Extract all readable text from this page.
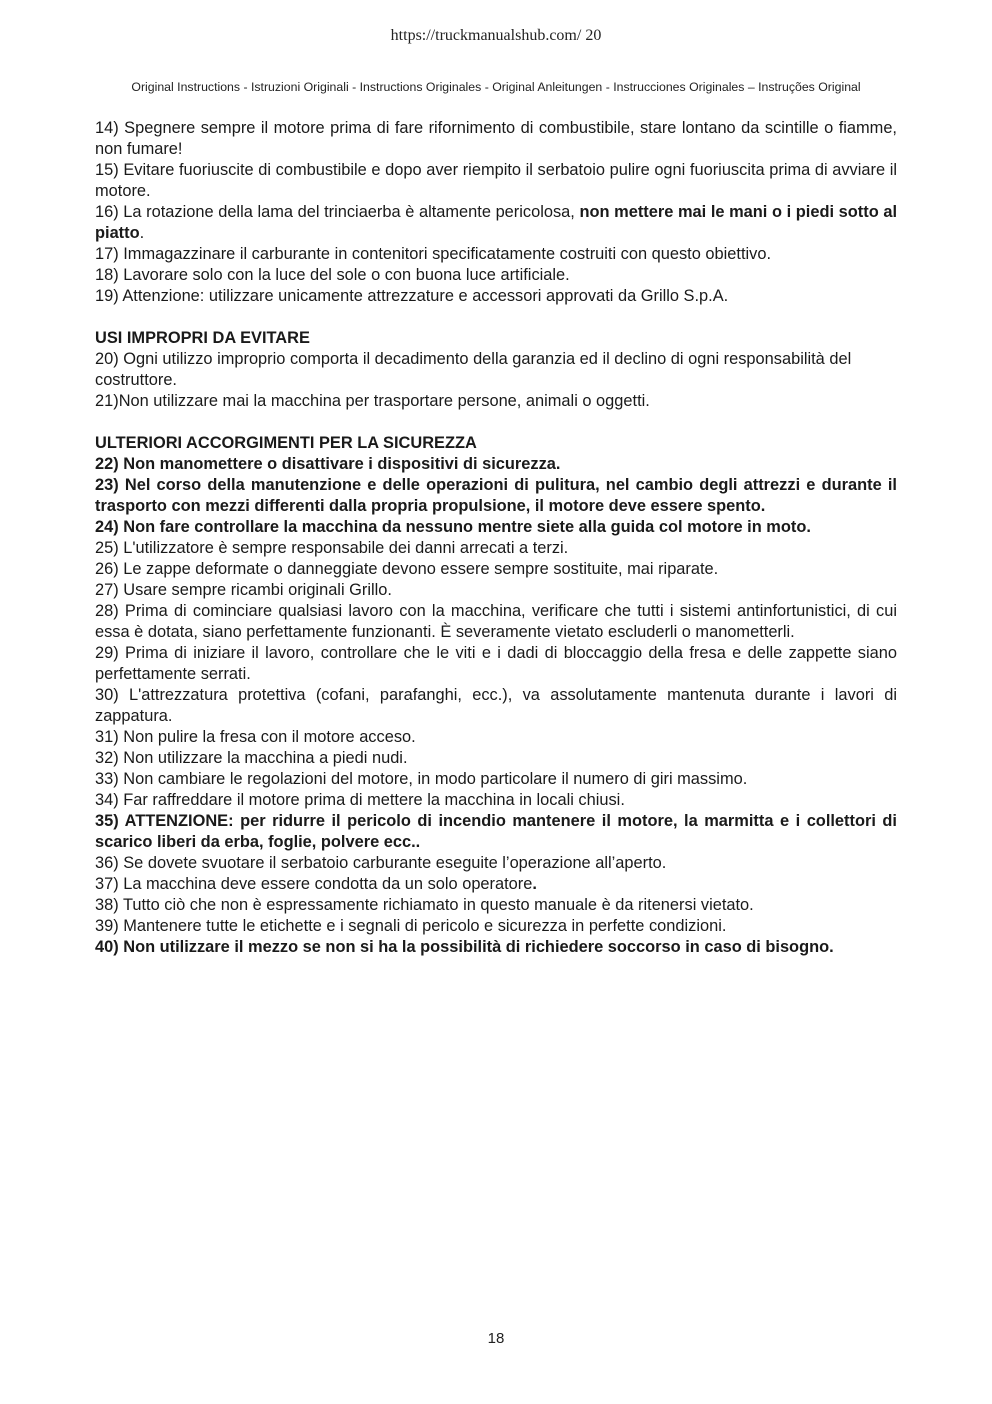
https://truckmanualshub.com/ 20
Original Instructions - Istruzioni Originali - Instructions Originales - Original Anleitungen - Instrucciones Originales – Instruções Original

14) Spegnere sempre il motore prima di fare rifornimento di combustibile, stare lontano da scintille o fiamme, non fumare!

15) Evitare fuoriuscite di combustibile e dopo aver riempito il serbatoio pulire ogni fuoriuscita prima di avviare il motore.

16) La rotazione della lama del trinciaerba è altamente pericolosa, non mettere mai le mani o i piedi sotto al piatto.

17) Immagazzinare il carburante in contenitori specificatamente costruiti con questo obiettivo.

18) Lavorare solo con la luce del sole o con buona luce artificiale.

19) Attenzione: utilizzare unicamente attrezzature e accessori approvati da Grillo S.p.A.

USI IMPROPRI DA EVITARE

20) Ogni utilizzo improprio comporta il decadimento della garanzia ed il declino di ogni responsabilità del costruttore.

21)Non utilizzare mai la macchina per trasportare persone, animali o oggetti.

ULTERIORI ACCORGIMENTI PER LA SICUREZZA

22) Non manomettere o disattivare i dispositivi di sicurezza.

23) Nel corso della manutenzione e delle operazioni di pulitura, nel cambio degli attrezzi e durante il trasporto con mezzi differenti dalla propria propulsione, il motore deve essere spento.

24) Non fare controllare la macchina da nessuno mentre siete alla guida col motore in moto.

25) L'utilizzatore è sempre responsabile dei danni arrecati a terzi.

26) Le zappe deformate o danneggiate devono essere sempre sostituite, mai riparate.

27) Usare sempre ricambi originali Grillo.

28) Prima di cominciare qualsiasi lavoro con la macchina, verificare che tutti i sistemi antinfortunistici, di cui essa è dotata, siano perfettamente funzionanti. È severamente vietato escluderli o manometterli.

29) Prima di iniziare il lavoro, controllare che le viti e i dadi di bloccaggio della fresa e delle zappette siano perfettamente serrati.

30) L'attrezzatura protettiva (cofani, parafanghi, ecc.), va assolutamente mantenuta durante i lavori di zappatura.

31) Non pulire la fresa con il motore acceso.

32) Non utilizzare la macchina a piedi nudi.

33) Non cambiare le regolazioni del motore, in modo particolare il numero di giri massimo.

34) Far raffreddare il motore prima di mettere la macchina in locali chiusi.

35) ATTENZIONE: per ridurre il pericolo di incendio mantenere il motore, la marmitta e i collettori di scarico liberi da erba, foglie, polvere ecc..

36) Se dovete svuotare il serbatoio carburante eseguite l’operazione all’aperto.

37) La macchina deve essere condotta da un solo operatore.

38) Tutto ciò che non è espressamente richiamato in questo manuale è da ritenersi vietato.

39) Mantenere tutte le etichette e i segnali di pericolo e sicurezza in perfette condizioni.

40) Non utilizzare il mezzo se non si ha la possibilità di richiedere soccorso in caso di bisogno.

18
